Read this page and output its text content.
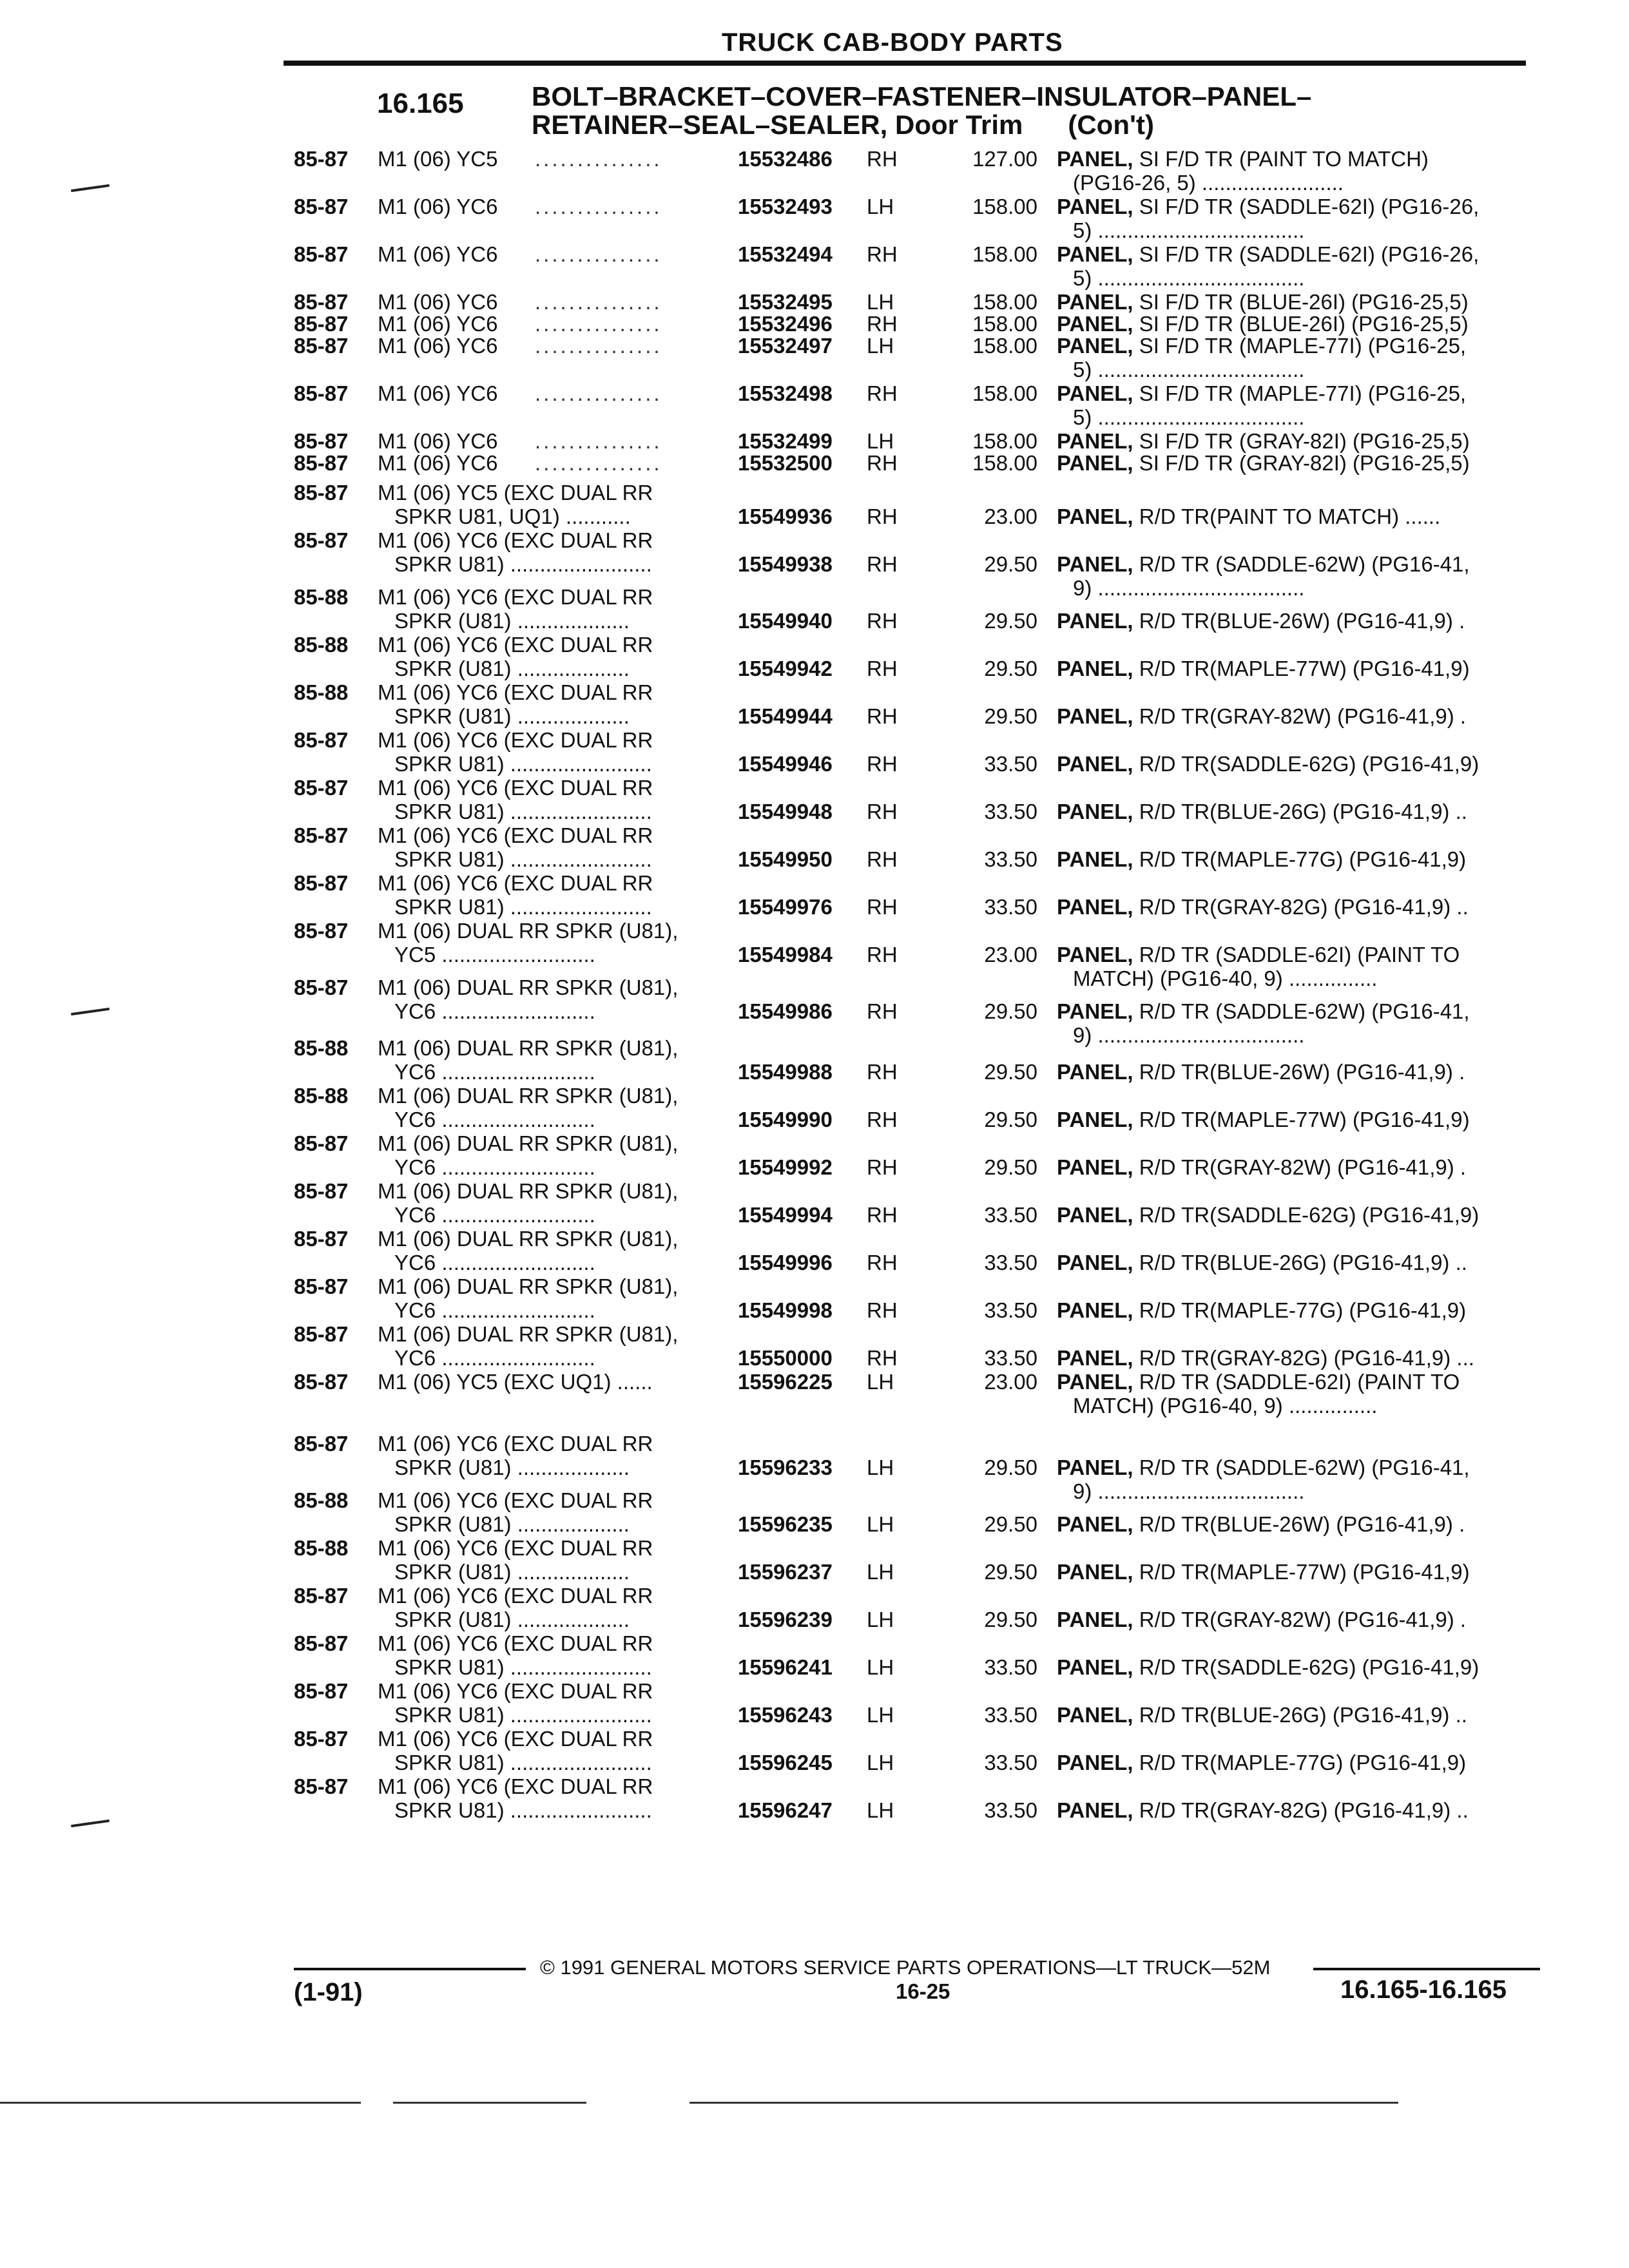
TRUCK CAB-BODY PARTS
16.165	BOLT–BRACKET–COVER–FASTENER–INSULATOR–PANEL–
RETAINER–SEAL–SEALER, Door Trim (Con't)
85-87	M1 (06) YC5	...............	15532486	RH	127.00 PANEL, SI F/D TR (PAINT TO MATCH)
(PG16-26, 5) ........................
85-87	M1 (06) YC6	...............	15532493	LH	158.00 PANEL, SI F/D TR (SADDLE-62I) (PG16-26,
5) ...................................
85-87	M1 (06) YC6	...............	15532494	RH	158.00 PANEL, SI F/D TR (SADDLE-62I) (PG16-26,
5) ...................................
85-87	M1 (06) YC6	...............	15532495	LH	158.00 PANEL, SI F/D TR (BLUE-26I) (PG16-25,5)
85-87	M1 (06) YC6	...............	15532496	RH	158.00 PANEL, SI F/D TR (BLUE-26I) (PG16-25,5)
85-87	M1 (06) YC6	...............	15532497	LH	158.00 PANEL, SI F/D TR (MAPLE-77I) (PG16-25,
5) ...................................
85-87	M1 (06) YC6	...............	15532498	RH	158.00 PANEL, SI F/D TR (MAPLE-77I) (PG16-25,
5) ...................................
85-87	M1 (06) YC6	...............	15532499	LH	158.00 PANEL, SI F/D TR (GRAY-82I) (PG16-25,5)
85-87	M1 (06) YC6	...............	15532500	RH	158.00 PANEL, SI F/D TR (GRAY-82I) (PG16-25,5)
85-87	M1 (06) YC5 (EXC DUAL RR
SPKR U81, UQ1) ...........	15549936	RH	23.00 PANEL, R/D TR(PAINT TO MATCH) ......
85-87	M1 (06) YC6 (EXC DUAL RR
SPKR U81) ........................	15549938	RH	29.50 PANEL, R/D TR (SADDLE-62W) (PG16-41,
9) ...................................
85-88	M1 (06) YC6 (EXC DUAL RR
SPKR (U81) ...................	15549940	RH	29.50 PANEL, R/D TR(BLUE-26W) (PG16-41,9) .
85-88	M1 (06) YC6 (EXC DUAL RR
SPKR (U81) ...................	15549942	RH	29.50 PANEL, R/D TR(MAPLE-77W) (PG16-41,9)
85-88	M1 (06) YC6 (EXC DUAL RR
SPKR (U81) ...................	15549944	RH	29.50 PANEL, R/D TR(GRAY-82W) (PG16-41,9) .
85-87	M1 (06) YC6 (EXC DUAL RR
SPKR U81) ........................	15549946	RH	33.50 PANEL, R/D TR(SADDLE-62G) (PG16-41,9)
85-87	M1 (06) YC6 (EXC DUAL RR
SPKR U81) ........................	15549948	RH	33.50 PANEL, R/D TR(BLUE-26G) (PG16-41,9) ..
85-87	M1 (06) YC6 (EXC DUAL RR
SPKR U81) ........................	15549950	RH	33.50 PANEL, R/D TR(MAPLE-77G) (PG16-41,9)
85-87	M1 (06) YC6 (EXC DUAL RR
SPKR U81) ........................	15549976	RH	33.50 PANEL, R/D TR(GRAY-82G) (PG16-41,9) ..
85-87	M1 (06) DUAL RR SPKR (U81),
YC5 ..........................	15549984	RH	23.00 PANEL, R/D TR (SADDLE-62I) (PAINT TO
MATCH) (PG16-40, 9) ...............
85-87	M1 (06) DUAL RR SPKR (U81),
YC6 ..........................	15549986	RH	29.50 PANEL, R/D TR (SADDLE-62W) (PG16-41,
9) ...................................
85-88	M1 (06) DUAL RR SPKR (U81),
YC6 ..........................	15549988	RH	29.50 PANEL, R/D TR(BLUE-26W) (PG16-41,9) .
85-88	M1 (06) DUAL RR SPKR (U81),
YC6 ..........................	15549990	RH	29.50 PANEL, R/D TR(MAPLE-77W) (PG16-41,9)
85-87	M1 (06) DUAL RR SPKR (U81),
YC6 ..........................	15549992	RH	29.50 PANEL, R/D TR(GRAY-82W) (PG16-41,9) .
85-87	M1 (06) DUAL RR SPKR (U81),
YC6 ..........................	15549994	RH	33.50 PANEL, R/D TR(SADDLE-62G) (PG16-41,9)
85-87	M1 (06) DUAL RR SPKR (U81),
YC6 ..........................	15549996	RH	33.50 PANEL, R/D TR(BLUE-26G) (PG16-41,9) ..
85-87	M1 (06) DUAL RR SPKR (U81),
YC6 ..........................	15549998	RH	33.50 PANEL, R/D TR(MAPLE-77G) (PG16-41,9)
85-87	M1 (06) DUAL RR SPKR (U81),
YC6 ..........................	15550000	RH	33.50 PANEL, R/D TR(GRAY-82G) (PG16-41,9) ...
85-87	M1 (06) YC5 (EXC UQ1) ......	15596225	LH	23.00 PANEL, R/D TR (SADDLE-62I) (PAINT TO
MATCH) (PG16-40, 9) ...............
85-87	M1 (06) YC6 (EXC DUAL RR
SPKR (U81) ...................	15596233	LH	29.50 PANEL, R/D TR (SADDLE-62W) (PG16-41,
9) ...................................
85-88	M1 (06) YC6 (EXC DUAL RR
SPKR (U81) ...................	15596235	LH	29.50 PANEL, R/D TR(BLUE-26W) (PG16-41,9) .
85-88	M1 (06) YC6 (EXC DUAL RR
SPKR (U81) ...................	15596237	LH	29.50 PANEL, R/D TR(MAPLE-77W) (PG16-41,9)
85-87	M1 (06) YC6 (EXC DUAL RR
SPKR (U81) ...................	15596239	LH	29.50 PANEL, R/D TR(GRAY-82W) (PG16-41,9) .
85-87	M1 (06) YC6 (EXC DUAL RR
SPKR U81) ........................	15596241	LH	33.50 PANEL, R/D TR(SADDLE-62G) (PG16-41,9)
85-87	M1 (06) YC6 (EXC DUAL RR
SPKR U81) ........................	15596243	LH	33.50 PANEL, R/D TR(BLUE-26G) (PG16-41,9) ..
85-87	M1 (06) YC6 (EXC DUAL RR
SPKR U81) ........................	15596245	LH	33.50 PANEL, R/D TR(MAPLE-77G) (PG16-41,9)
85-87	M1 (06) YC6 (EXC DUAL RR
SPKR U81) ........................	15596247	LH	33.50 PANEL, R/D TR(GRAY-82G) (PG16-41,9) ..
© 1991 GENERAL MOTORS SERVICE PARTS OPERATIONS—LT TRUCK—52M
(1-91)	16-25	16.165-16.165
